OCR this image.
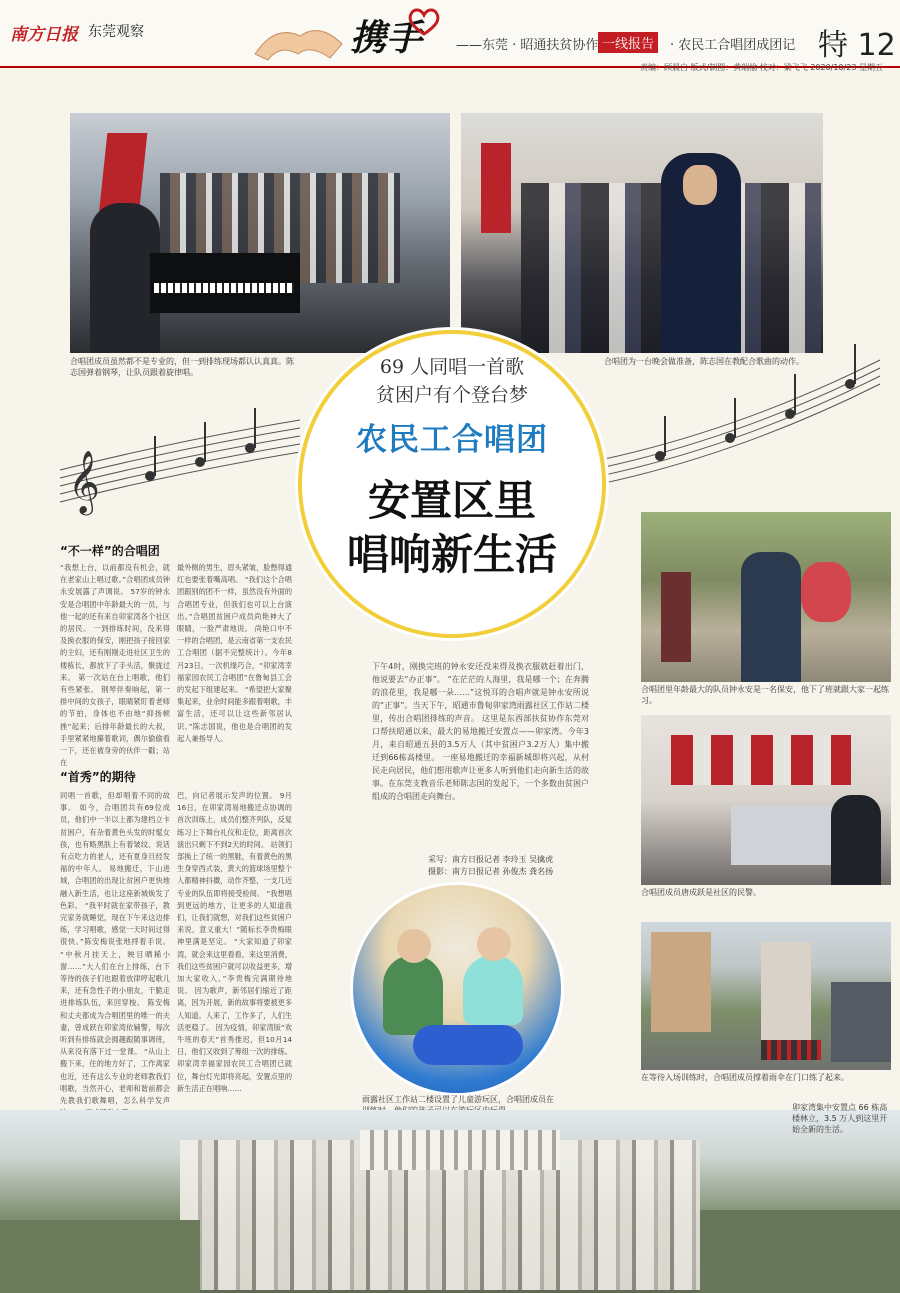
南方日报 东莞观察	携手	——东莞 · 昭通扶贫协作 一线报告	· 农民工合唱团成团记 特 12
责编：顾晨白 版式/制图：黄瑞榆 校对：梁飞飞 2020/10/23 星期五
合唱团成员虽然都不是专业的，但一到排练现场都认认真真。陈志国弹着钢琴，让队员跟着旋律唱。
合唱团为一台晚会做准备，陈志国在教配合歌曲的动作。
𝄞
69 人同唱一首歌
贫困户有个登台梦
农民工合唱团
安置区里
唱响新生活
合唱团里年龄最大的队员钟永安是一名保安，他下了班就跟大家一起练习。
合唱团成员唐成跃是社区的民警。
在等待入场训练时，合唱团成员撑着雨伞在门口练了起来。
“不一样”的合唱团
“我想上台，以前都没有机会，就在老家山上唱过歌。”合唱团成员钟永安展露了声调说。 57岁的钟永安是合唱团中年龄最大的一员，与他一起的还有来自卯家湾各个社区的居民。 一到排练时间，没来得及换衣服的保安，刚把孩子接回家的主妇，还有刚刚走进社区卫生的楼栋长，都放下了手头活，聚拢过来。 第一次站在台上唱歌，他们有些紧张。 钢琴伴奏响起，第一排中间的女孩子，眼睛紧盯着老师的节拍，身体也不由地“抑扬顿挫”起来；后排年龄最长的大叔，手里紧紧地攥着歌词，偶尔偷偷看一下，还在被身旁的伙伴一戳；站在
最外侧的男生，眉头紧皱，脸憋得通红也要张着嘴高唱。 “我们这个合唱团跟别的团不一样，虽然没有外面的合唱团专业，但我们也可以上台演出。”合唱团贫困户成员尚艳神大了眼睛，一脸严肃地说。 尚艳口中不一样的合唱团，是云南省第一支农民工合唱团（据不完整统计）。今年8月23日，一次机缘巧合，“卯家湾幸福家园农民工合唱团”在鲁甸县工会的发起下组建起来。 “希望把大家聚集起来，业余时间能多跟着唱歌，丰富生活，还可以让这些新邻居认识。”陈志国说，他也是合唱团的发起人兼指导人。
“首秀”的期待
同唱一首歌，但却唱着不同的故事。 如今，合唱团共有69位成员，他们中一半以上都为建档立卡贫困户，有杂着黄色头发的时髦女孩，也有略黑肤上有着皱纹、说话有点吃力的老人，还有夏身旦经发福的中年人。 易地搬迁，下山进城，合唱团的出现让贫困户更快地融入新生活，也让这座新城焕发了色彩。 “我平时就在家带孩子，教完家务就睡觉，现在下午来这边排练，学习唱歌，感觉一天时间过得很快。”陈安梅说张地捋着手说。 “中秋月挂天上，映目晒稀小窗……”大人们在台上排练，台下等待的孩子们也跟着放律哼起歌儿来，还有急性子的小朋友，干脆走进排练队伍，来回穿梭。 陈安梅和丈夫都成为合唱团里的唯一的夫妻，曾成跃在卯家湾依辅警，每次听到有排练就会拥趣跟随事调班，从来没有落下过一堂课。 “从山上搬下来，住的地方好了，工作离家也近，还有这么专业的老师教我们唱歌，当然开心，老师和谐前都会先教我们歌舞唱，怎么科学发声
巴，向记者展示发声的位置。 9月16日，在卯家湾易地搬迁点协调的首次训练上，成员们整齐列队，反复练习上下舞台礼仪和走位，距离首次演出只剩下不到2天的时间。 站领们部换上了统一的黑鞋，有着黄色的黑生身穿西式装，黄大的篮球场里整个人都精神抖擞，动作齐整，一支几近专业的队伍即将接受检阅。 “我想唱到更远的地方，让更多的人知道我们，让我们就想，对我们这些贫困户来说，意义重大！”随标长李贵梅眼神里满是坚定。 “大家知道了卯家湾，就会来这里看看，来这里消费，我们这些贫困户就可以收益更多，增加大家收入。”李贵梅完满期待地说。 因为歌声，新邻居们缩近了距离，因为开展，新的故事将要被更多人知道。人来了，工作多了，人们生活更稳了。 因为疫情，卯家湾版“欢牛班的春天”首秀推迟，但10月14日，他们又收到了筹组一次的排练。 卯家湾幸福家园农民工合唱团已就位，舞台灯光即将亮起，安置点里的新生活正在唱响……
下午4时，刚换完班的钟永安还没来得及换衣服就赶着出门，他说要去“办正事”。 “在茫茫的人海里，我是哪一个；在奔腾的浪花里，我是哪一朵……”这悦耳的合唱声就是钟永安所说的“正事”。当天下午，昭通市鲁甸卯家湾雨露社区工作站二楼里，传出合唱团排练的声音。 这里是东西部扶贫协作东莞对口帮扶昭通以来，最大的易地搬迁安置点——卯家湾。今年3月，来自昭通五县的3.5万人（其中贫困户3.2万人）集中搬迁到66栋高楼里。 一座易地搬迁的幸福新城即将兴起，从村民走向居民，他们想用歌声让更多人听到他们走向新生活的故事。在东莞支教音乐老师陈志国的发起下，一个多数由贫困户组成的合唱团走向舞台。
采写：南方日报记者 李玲玉 吴擒虎
摄影：南方日报记者 孙俊杰 龚名扬
雨露社区工作站二楼设置了儿童游玩区，合唱团成员在
卯家湾集中安置点 66 栋高楼林立，3.5 万人到这里开始全新的生活。
